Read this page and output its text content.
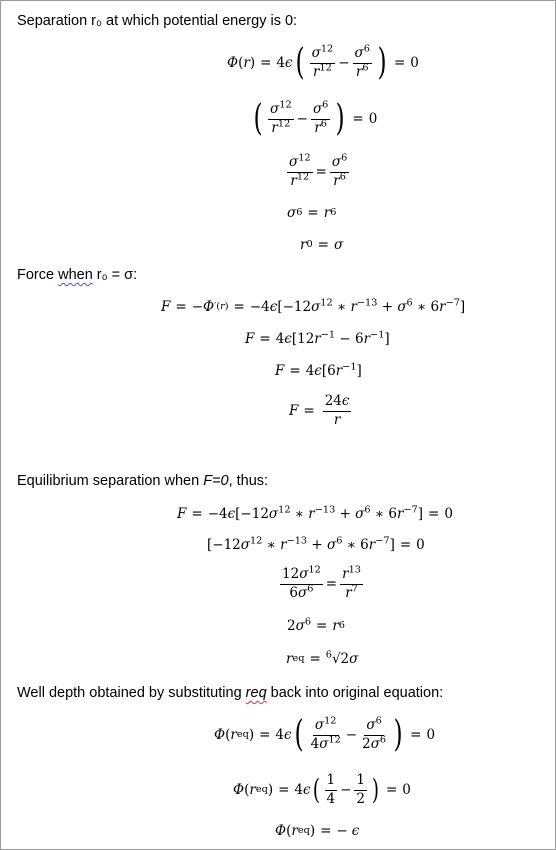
Separation r₀ at which potential energy is 0:
Φ ( r ) = 4 ϵ ( $\frac{\sigma^{12}}{r^{12}} - \frac{\sigma^6}{r^6}$ ) = 0
( $\frac{\sigma^{12}}{r^{12}} - \frac{\sigma^6}{r^6}$ ) = 0
$\frac{\sigma^{12}}{r^{12}} = \frac{\sigma^6}{r^6}$
σ 6 = r 6
r 0 = σ
Force when r₀ = σ:
F = − Φ $'(r) = -4\epsilon[-12\sigma^{12}$ ∗ $r^{-13} + \sigma^6$ ∗ $6r^{-7}$]
$F = 4\epsilon[12r^{-1} - 6r^{-1}]$
$F = 4\epsilon[6r^{-1}]$
$F = \frac{24\epsilon}{r}$
Equilibrium separation when F=0, thus:
$F = -4\epsilon[-12\sigma^{12}$ ∗ $r^{-13} + \sigma^6$ ∗ $6r^{-7}] = 0$
[$-12\sigma^{12}$ ∗ $r^{-13} + \sigma^6$ ∗ $6r^{-7}] = 0$
$\frac{12\sigma^{12}}{6\sigma^6} = \frac{r^{13}}{r^7}$
$2\sigma^6 = r$ 6
r eq = $^6$√2σ
Well depth obtained by substituting req back into original equation:
Φ ( r eq ) = 4ϵ ( $\frac{\sigma^{12}}{4\sigma^{12}} - \frac{\sigma^6}{2\sigma^6}$ ) = 0
Φ ( r eq ) = 4ϵ ( $\frac{1}{4} - \frac{1}{2}$ ) = 0
Φ ( r eq ) = − ϵ
